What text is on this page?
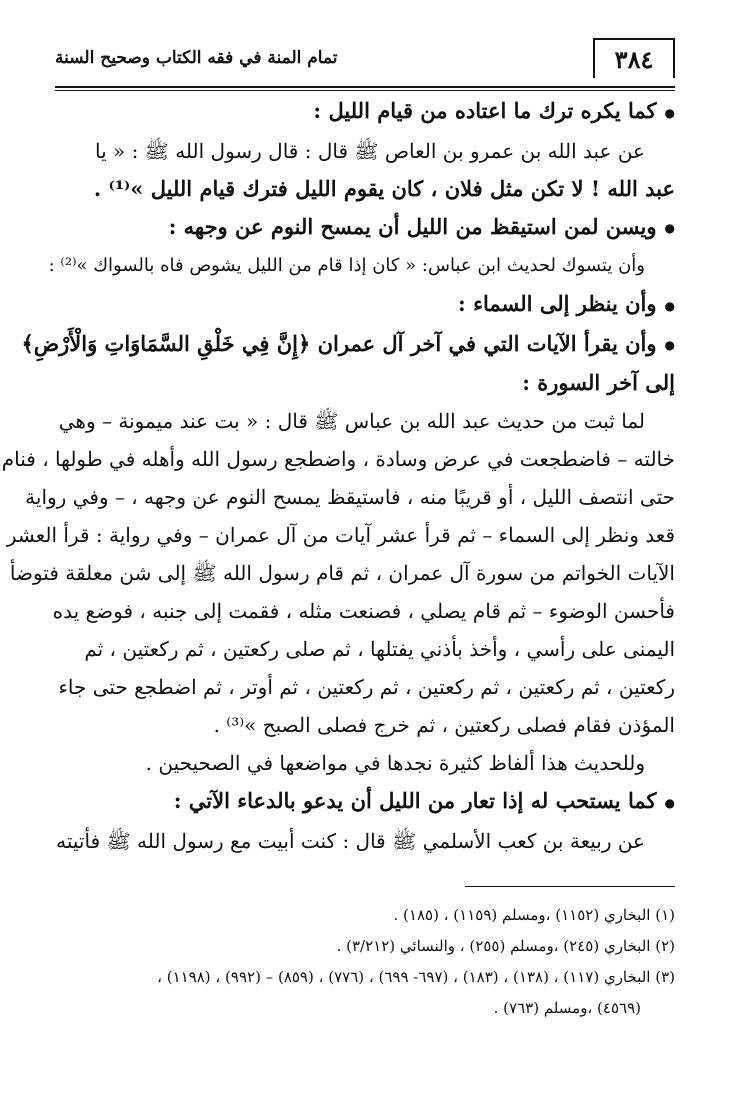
٣٨٤
تمام المنة في فقه الكتاب وصحيح السنة
● كما يكره ترك ما اعتاده من قيام الليل :
عن عبد الله بن عمرو بن العاص ﷺ قال : قال رسول الله ﷺ : « يا
عبد الله ! لا تكن مثل فلان ، كان يقوم الليل فترك قيام الليل »⁽¹⁾ .
● ويسن لمن استيقظ من الليل أن يمسح النوم عن وجهه :
وأن يتسوك لحديث ابن عباس: « كان إذا قام من الليل يشوص فاه بالسواك »⁽²⁾ :
● وأن ينظر إلى السماء :
● وأن يقرأ الآيات التي في آخر آل عمران ﴿إِنَّ فِي خَلْقِ السَّمَاوَاتِ وَالْأَرْضِ﴾
إلى آخر السورة :
لما ثبت من حديث عبد الله بن عباس ﷺ قال : « بت عند ميمونة – وهي
خالته – فاضطجعت في عرض وسادة ، واضطجع رسول الله وأهله في طولها ، فنام
حتى انتصف الليل ، أو قريبًا منه ، فاستيقظ يمسح النوم عن وجهه ، – وفي رواية
قعد ونظر إلى السماء – ثم قرأ عشر آيات من آل عمران – وفي رواية : قرأ العشر
الآيات الخواتم من سورة آل عمران ، ثم قام رسول الله ﷺ إلى شن معلقة فتوضأ
فأحسن الوضوء – ثم قام يصلي ، فصنعت مثله ، فقمت إلى جنبه ، فوضع يده
اليمنى على رأسي ، وأخذ بأذني يفتلها ، ثم صلى ركعتين ، ثم ركعتين ، ثم
ركعتين ، ثم ركعتين ، ثم ركعتين ، ثم ركعتين ، ثم أوتر ، ثم اضطجع حتى جاء
المؤذن فقام فصلى ركعتين ، ثم خرج فصلى الصبح »⁽³⁾ .
وللحديث هذا ألفاظ كثيرة نجدها في مواضعها في الصحيحين .
● كما يستحب له إذا تعار من الليل أن يدعو بالدعاء الآتي :
عن ربيعة بن كعب الأسلمي ﷺ قال : كنت أبيت مع رسول الله ﷺ فأتيته
(١) البخاري (١١٥٢) ،ومسلم (١١٥٩) ، (١٨٥) .
(٢) البخاري (٢٤٥) ،ومسلم (٢٥٥) ، والنسائي (٣/٢١٢) .
(٣) البخاري (١١٧) ، (١٣٨) ، (١٨٣) ، (٦٩٧- ٦٩٩) ، (٧٧٦) ، (٨٥٩) – (٩٩٢) ، (١١٩٨) ،
(٤٥٦٩) ،ومسلم (٧٦٣) .
